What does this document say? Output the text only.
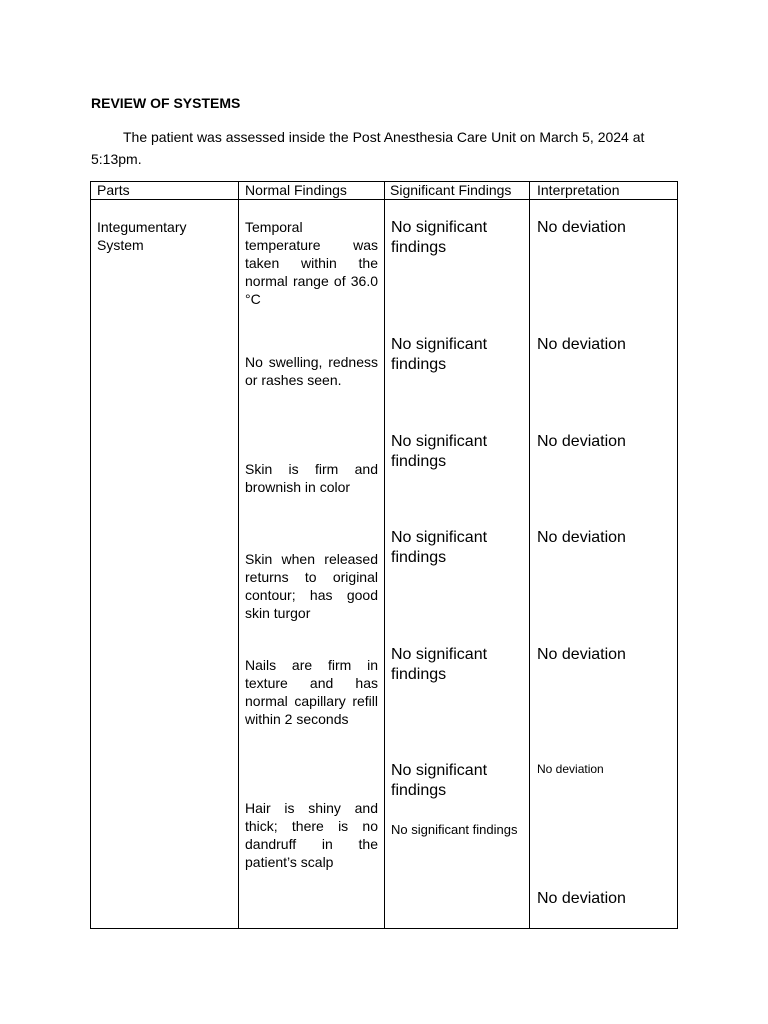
REVIEW OF SYSTEMS
The patient was assessed inside the Post Anesthesia Care Unit on March 5, 2024 at 5:13pm.
Parts	Normal Findings	Significant Findings Interpretation
Integumentary System
Temporal temperature was taken within the normal range of 36.0 °C
No significant findings
No deviation
No swelling, redness or rashes seen.
No significant findings
No deviation
Skin is firm and brownish in color
No significant findings
No deviation
Skin when released returns to original contour; has good skin turgor
No significant findings
No deviation
Nails are firm in texture and has normal capillary refill within 2 seconds
No significant findings
No deviation
Hair is shiny and thick; there is no dandruff in the patient’s scalp
No significant findings
No deviation
No significant findings
No deviation
